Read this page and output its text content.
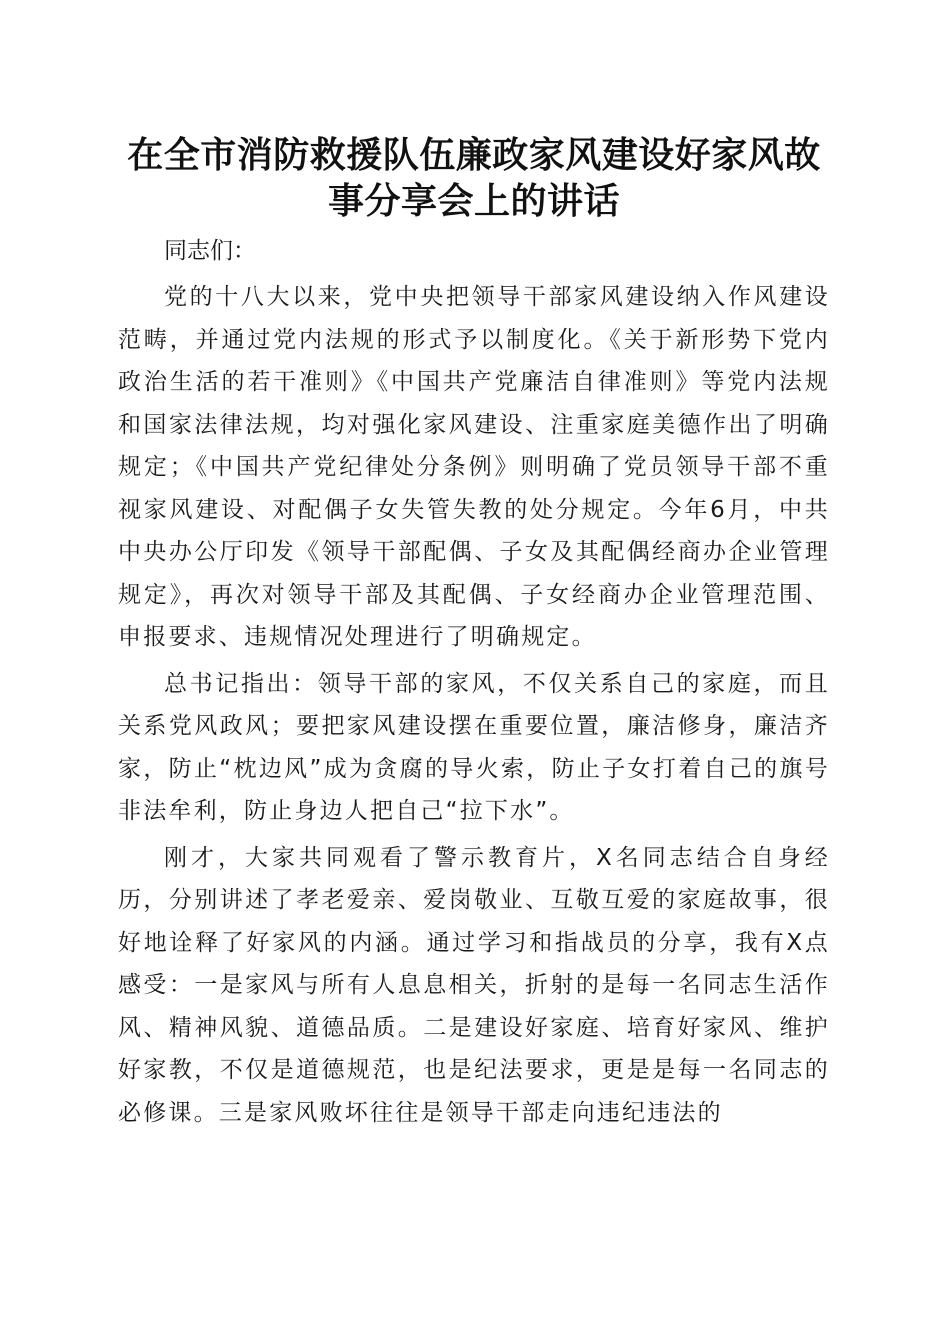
在全市消防救援队伍廉政家风建设好家风故事分享会上的讲话

同志们：

党的十八大以来，党中央把领导干部家风建设纳入作风建设范畴，并通过党内法规的形式予以制度化。《关于新形势下党内政治生活的若干准则》《中国共产党廉洁自律准则》等党内法规和国家法律法规，均对强化家风建设、注重家庭美德作出了明确规定；《中国共产党纪律处分条例》则明确了党员领导干部不重视家风建设、对配偶子女失管失教的处分规定。今年6月，中共中央办公厅印发《领导干部配偶、子女及其配偶经商办企业管理规定》，再次对领导干部及其配偶、子女经商办企业管理范围、申报要求、违规情况处理进行了明确规定。

总书记指出：领导干部的家风，不仅关系自己的家庭，而且关系党风政风；要把家风建设摆在重要位置，廉洁修身，廉洁齐家，防止“枕边风”成为贪腐的导火索，防止子女打着自己的旗号非法牟利，防止身边人把自己“拉下水”。

刚才，大家共同观看了警示教育片，X名同志结合自身经历，分别讲述了孝老爱亲、爱岗敬业、互敬互爱的家庭故事，很好地诠释了好家风的内涵。通过学习和指战员的分享，我有X点感受：一是家风与所有人息息相关，折射的是每一名同志生活作风、精神风貌、道德品质。二是建设好家庭、培育好家风、维护好家教，不仅是道德规范，也是纪法要求，更是是每一名同志的必修课。三是家风败坏往往是领导干部走向违纪违法的
